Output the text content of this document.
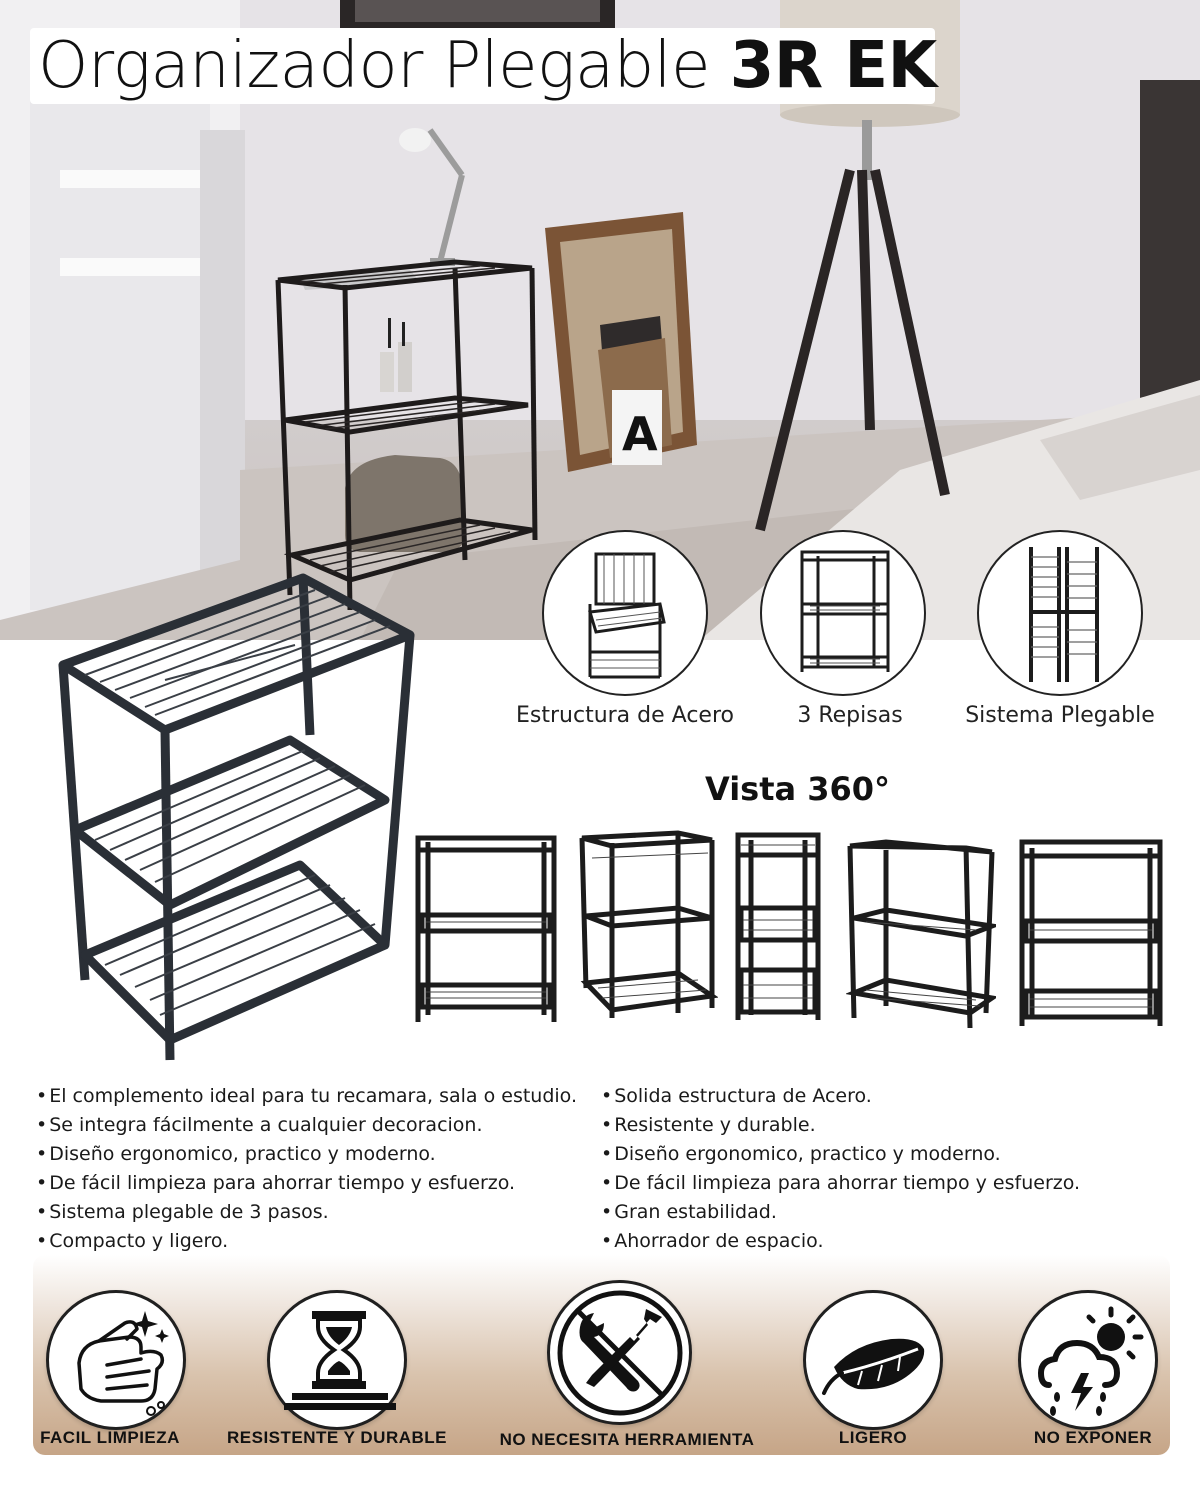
A
Organizador Plegable 3R EK
Estructura de Acero	3 Repisas	Sistema Plegable
Vista 360°
• El complemento ideal para tu recamara, sala o estudio.
• Se integra fácilmente a cualquier decoracion.
• Diseño ergonomico, practico y moderno.
• De fácil limpieza para ahorrar tiempo y esfuerzo.
• Sistema plegable de 3 pasos.
• Compacto y ligero.
• Solida estructura de Acero.
• Resistente y durable.
• Diseño ergonomico, practico y moderno.
• De fácil limpieza para ahorrar tiempo y esfuerzo.
• Gran estabilidad.
• Ahorrador de espacio.
FACIL LIMPIEZA	RESISTENTE Y DURABLE	NO NECESITA HERRAMIENTA	LIGERO	NO EXPONER
